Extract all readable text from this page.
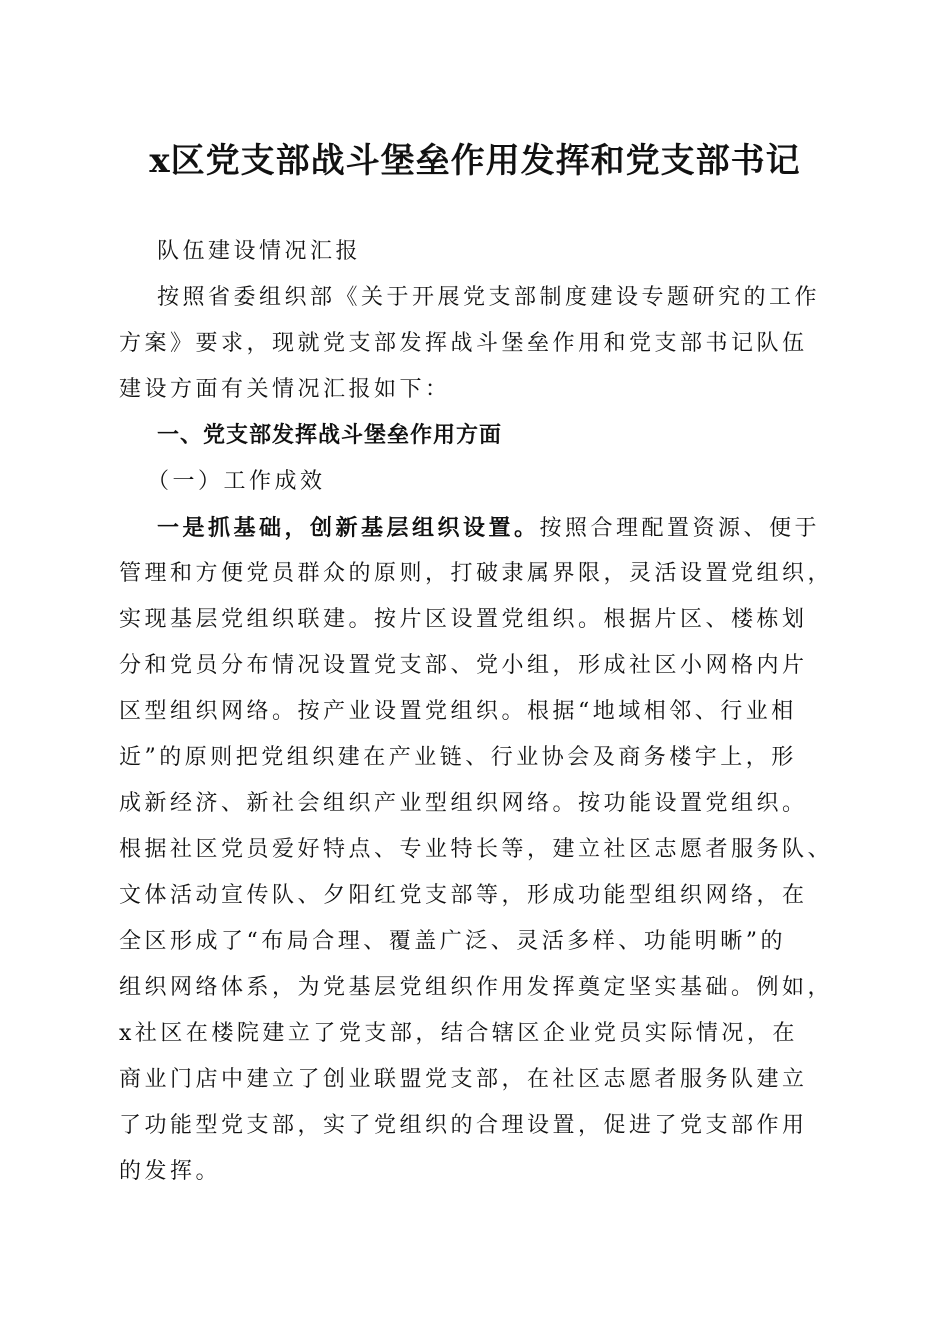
x区党支部战斗堡垒作用发挥和党支部书记
队伍建设情况汇报
按照省委组织部《关于开展党支部制度建设专题研究的工作
方案》要求，现就党支部发挥战斗堡垒作用和党支部书记队伍
建设方面有关情况汇报如下：
一、党支部发挥战斗堡垒作用方面
（一）工作成效
一是抓基础，创新基层组织设置。按照合理配置资源、便于
管理和方便党员群众的原则，打破隶属界限，灵活设置党组织，
实现基层党组织联建。按片区设置党组织。根据片区、楼栋划
分和党员分布情况设置党支部、党小组，形成社区小网格内片
区型组织网络。按产业设置党组织。根据“地域相邻、行业相
近”的原则把党组织建在产业链、行业协会及商务楼宇上，形
成新经济、新社会组织产业型组织网络。按功能设置党组织。
根据社区党员爱好特点、专业特长等，建立社区志愿者服务队、
文体活动宣传队、夕阳红党支部等，形成功能型组织网络，在
全区形成了“布局合理、覆盖广泛、灵活多样、功能明晰”的
组织网络体系，为党基层党组织作用发挥奠定坚实基础。例如，
x社区在楼院建立了党支部，结合辖区企业党员实际情况，在
商业门店中建立了创业联盟党支部，在社区志愿者服务队建立
了功能型党支部，实了党组织的合理设置，促进了党支部作用
的发挥。
